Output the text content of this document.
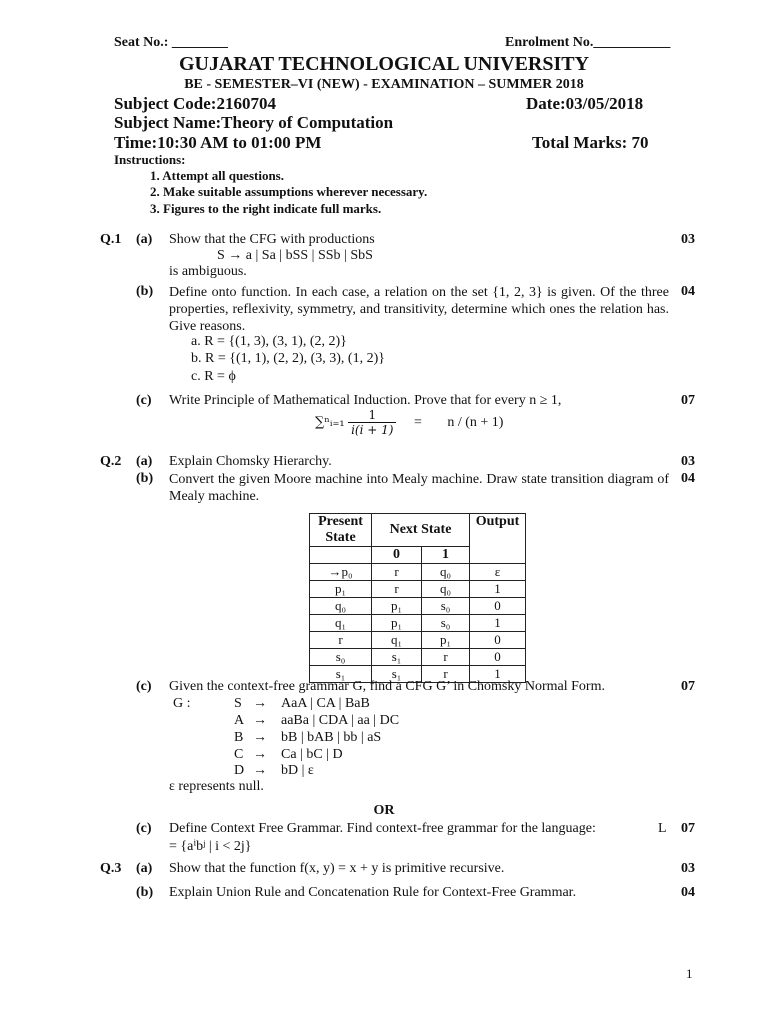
Seat No.: ________	Enrolment No.___________
GUJARAT TECHNOLOGICAL UNIVERSITY
BE - SEMESTER–VI (NEW) - EXAMINATION – SUMMER 2018
Subject Code:2160704	Date:03/05/2018
Subject Name:Theory of Computation
Time:10:30 AM to 01:00 PM	Total Marks: 70
Instructions:
1. Attempt all questions.
2. Make suitable assumptions wherever necessary.
3. Figures to the right indicate full marks.
Q.1 (a) Show that the CFG with productions	03
S → a | Sa | bSS | SSb | SbS
is ambiguous.
(b) Define onto function. In each case, a relation on the set {1, 2, 3} is given. Of the three properties, reflexivity, symmetry, and transitivity, determine which ones the relation has. Give reasons.
04
a. R = {(1, 3), (3, 1), (2, 2)}
b. R = {(1, 1), (2, 2), (3, 3), (1, 2)}
c. R = ϕ
(c) Write Principle of Mathematical Induction. Prove that for every n ≥ 1,	07
∑ⁿᵢ₌₁ $\frac{1}{i(i + 1)} = n / (n + 1)$
Q.2 (a) Explain Chomsky Hierarchy.	03
(b) Convert the given Moore machine into Mealy machine. Draw state transition diagram of Mealy machine.
04
Present State	Next State		Output
	0	1	
→p₀	r	q₀	ε
p₁	r	q₀	1
q₀	p₁	s₀	0
q₁	p₁	s₀	1
r	q₁	p₁	0
s₀	s₁	r	0
s₁	s₁	r	1
(c) Given the context-free grammar G, find a CFG G’ in Chomsky Normal Form.	07
G :	S → AaA | CA | BaB
A → aaBa | CDA | aa | DC
B → bB | bAB | bb | aS
C → Ca | bC | D
D → bD | ε
ε represents null.
OR
(c) Define Context Free Grammar. Find context-free grammar for the language:	L 07
= {aⁱbʲ | i < 2j}
Q.3 (a) Show that the function f(x, y) = x + y is primitive recursive.	03
(b) Explain Union Rule and Concatenation Rule for Context-Free Grammar.	04
1
